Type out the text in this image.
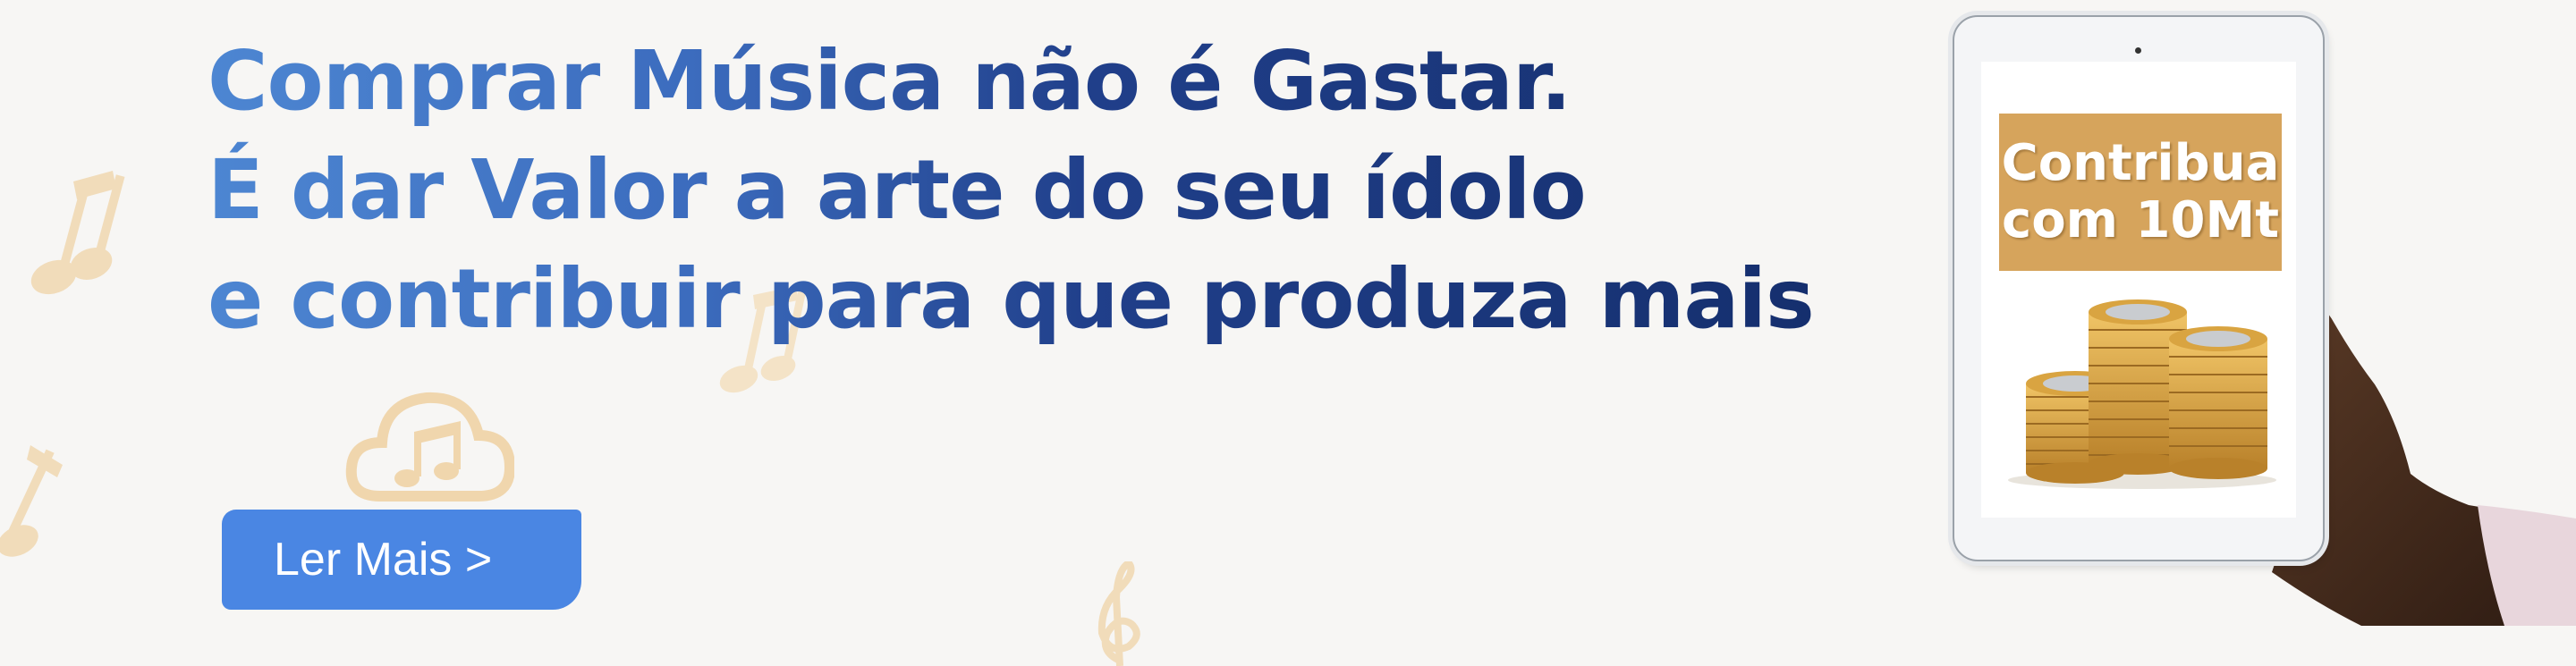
Comprar Música não é Gastar.
É dar Valor a arte do seu ídolo
e contribuir para que produza mais
Ler Mais >
Contribua
com 10Mt
